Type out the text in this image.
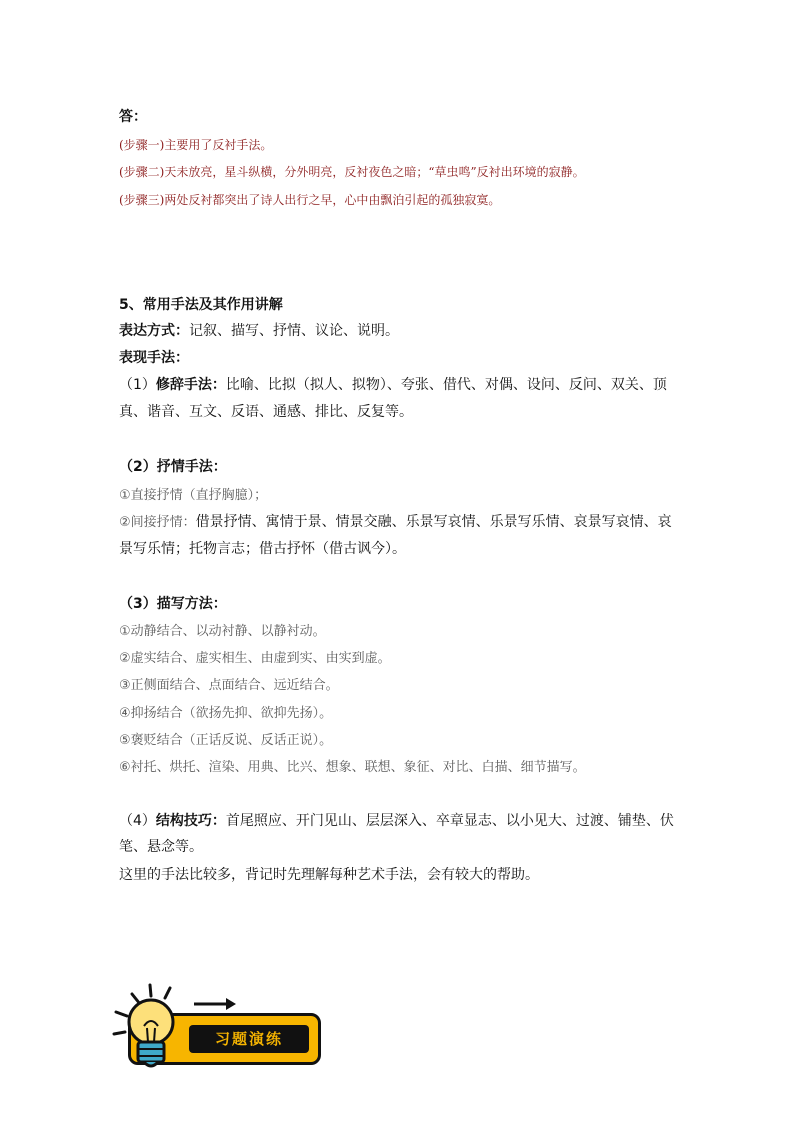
答：
(步骤一)主要用了反衬手法。
(步骤二)天未放亮，星斗纵横，分外明亮，反衬夜色之暗；“草虫鸣”反衬出环境的寂静。
(步骤三)两处反衬都突出了诗人出行之早，心中由飘泊引起的孤独寂寞。
5、常用手法及其作用讲解
表达方式：记叙、描写、抒情、议论、说明。
表现手法：
（1）修辞手法：比喻、比拟（拟人、拟物）、夸张、借代、对偶、设问、反问、双关、顶
真、谐音、互文、反语、通感、排比、反复等。
（2）抒情手法：
①直接抒情（直抒胸臆）；
②间接抒情：借景抒情、寓情于景、情景交融、乐景写哀情、乐景写乐情、哀景写哀情、哀
景写乐情；托物言志；借古抒怀（借古讽今）。
（3）描写方法：
①动静结合、以动衬静、以静衬动。
②虚实结合、虚实相生、由虚到实、由实到虚。
③正侧面结合、点面结合、远近结合。
④抑扬结合（欲扬先抑、欲抑先扬）。
⑤褒贬结合（正话反说、反话正说）。
⑥衬托、烘托、渲染、用典、比兴、想象、联想、象征、对比、白描、细节描写。
（4）结构技巧：首尾照应、开门见山、层层深入、卒章显志、以小见大、过渡、铺垫、伏
笔、悬念等。
这里的手法比较多，背记时先理解每种艺术手法，会有较大的帮助。
习题演练
